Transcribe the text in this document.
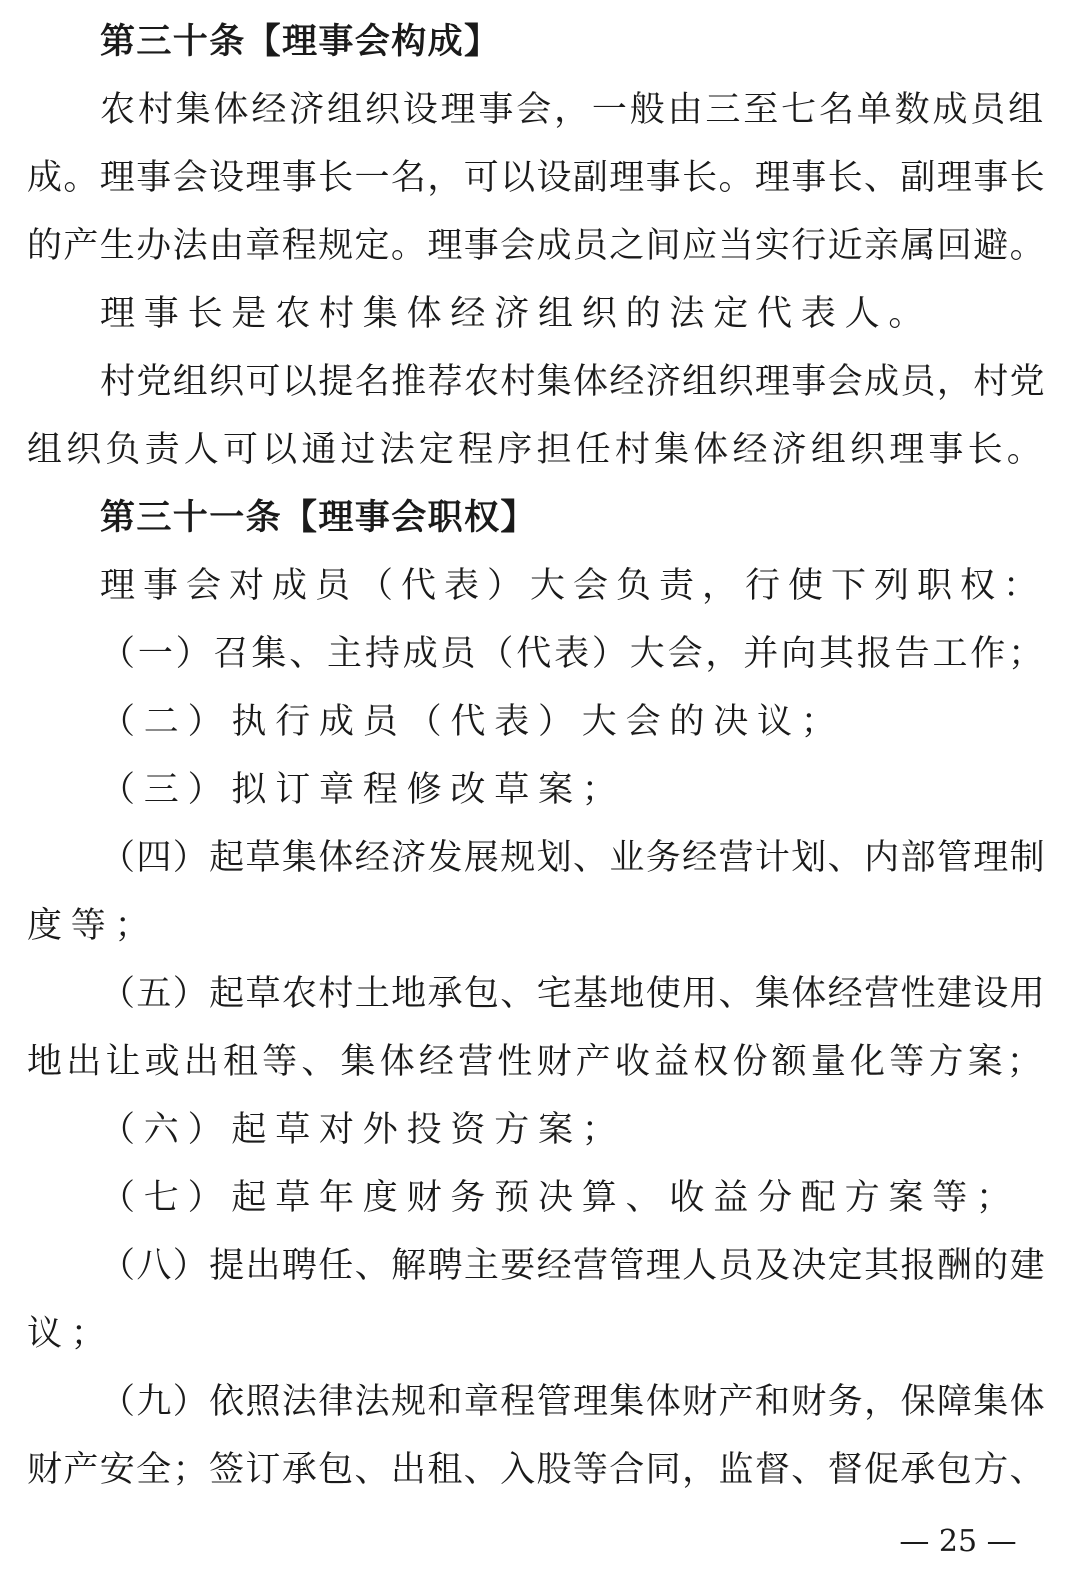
第三十条【理事会构成】
农村集体经济组织设理事会，一般由三至七名单数成员组
成。理事会设理事长一名，可以设副理事长。理事长、副理事长
的产生办法由章程规定。理事会成员之间应当实行近亲属回避。
理事长是农村集体经济组织的法定代表人。
村党组织可以提名推荐农村集体经济组织理事会成员，村党
组织负责人可以通过法定程序担任村集体经济组织理事长。
第三十一条【理事会职权】
理事会对成员（代表）大会负责，行使下列职权：
（一）召集、主持成员（代表）大会，并向其报告工作；
（二）执行成员（代表）大会的决议；
（三）拟订章程修改草案；
（四）起草集体经济发展规划、业务经营计划、内部管理制
度等；
（五）起草农村土地承包、宅基地使用、集体经营性建设用
地出让或出租等、集体经营性财产收益权份额量化等方案；
（六）起草对外投资方案；
（七）起草年度财务预决算、收益分配方案等；
（八）提出聘任、解聘主要经营管理人员及决定其报酬的建
议；
（九）依照法律法规和章程管理集体财产和财务，保障集体
财产安全；签订承包、出租、入股等合同，监督、督促承包方、
— 25 —
